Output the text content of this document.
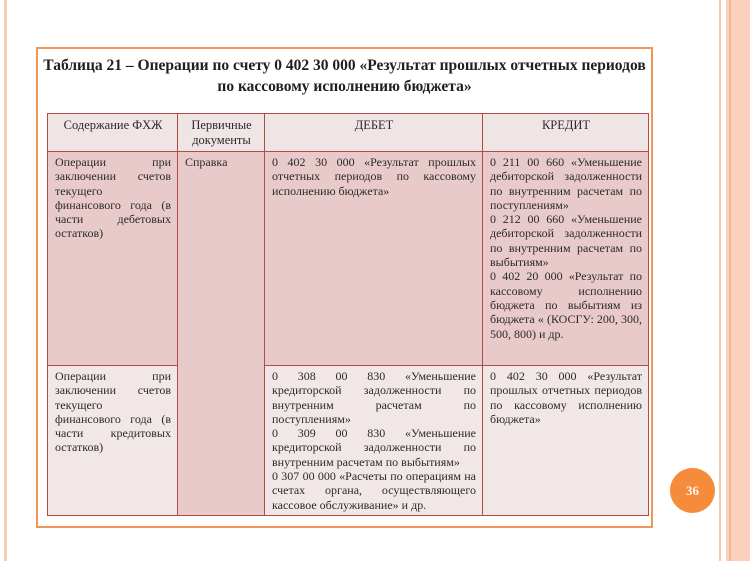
Таблица 21 – Операции по счету 0 402 30 000 «Результат прошлых отчетных периодов по кассовому исполнению бюджета»
Содержание ФХЖ	Первичные документы	ДЕБЕТ	КРЕДИТ
Операции при заключении счетов текущего финансового года (в части дебетовых остатков)	Справка	0 402 30 000 «Результат прошлых отчетных периодов по кассовому исполнению бюджета»	0 211 00 660 «Уменьшение дебиторской задолженности по внутренним расчетам по поступлениям»

0 212 00 660 «Уменьшение дебиторской задолженности по внутренним расчетам по выбытиям»

0 402 20 000 «Результат по кассовому исполнению бюджета по выбытиям из бюджета « (КОСГУ: 200, 300, 500, 800) и др.

Операции при заключении счетов текущего финансового года (в части кредитовых остатков)		0 308 00 830 «Уменьшение кредиторской задолженности по внутренним расчетам по поступлениям»

0 309 00 830 «Уменьшение кредиторской задолженности по внутренним расчетам по выбытиям»

0 307 00 000 «Расчеты по операциям на счетах органа, осуществляющего кассовое обслуживание» и др.	0 402 30 000 «Результат прошлых отчетных периодов по кассовому исполнению бюджета»

36
